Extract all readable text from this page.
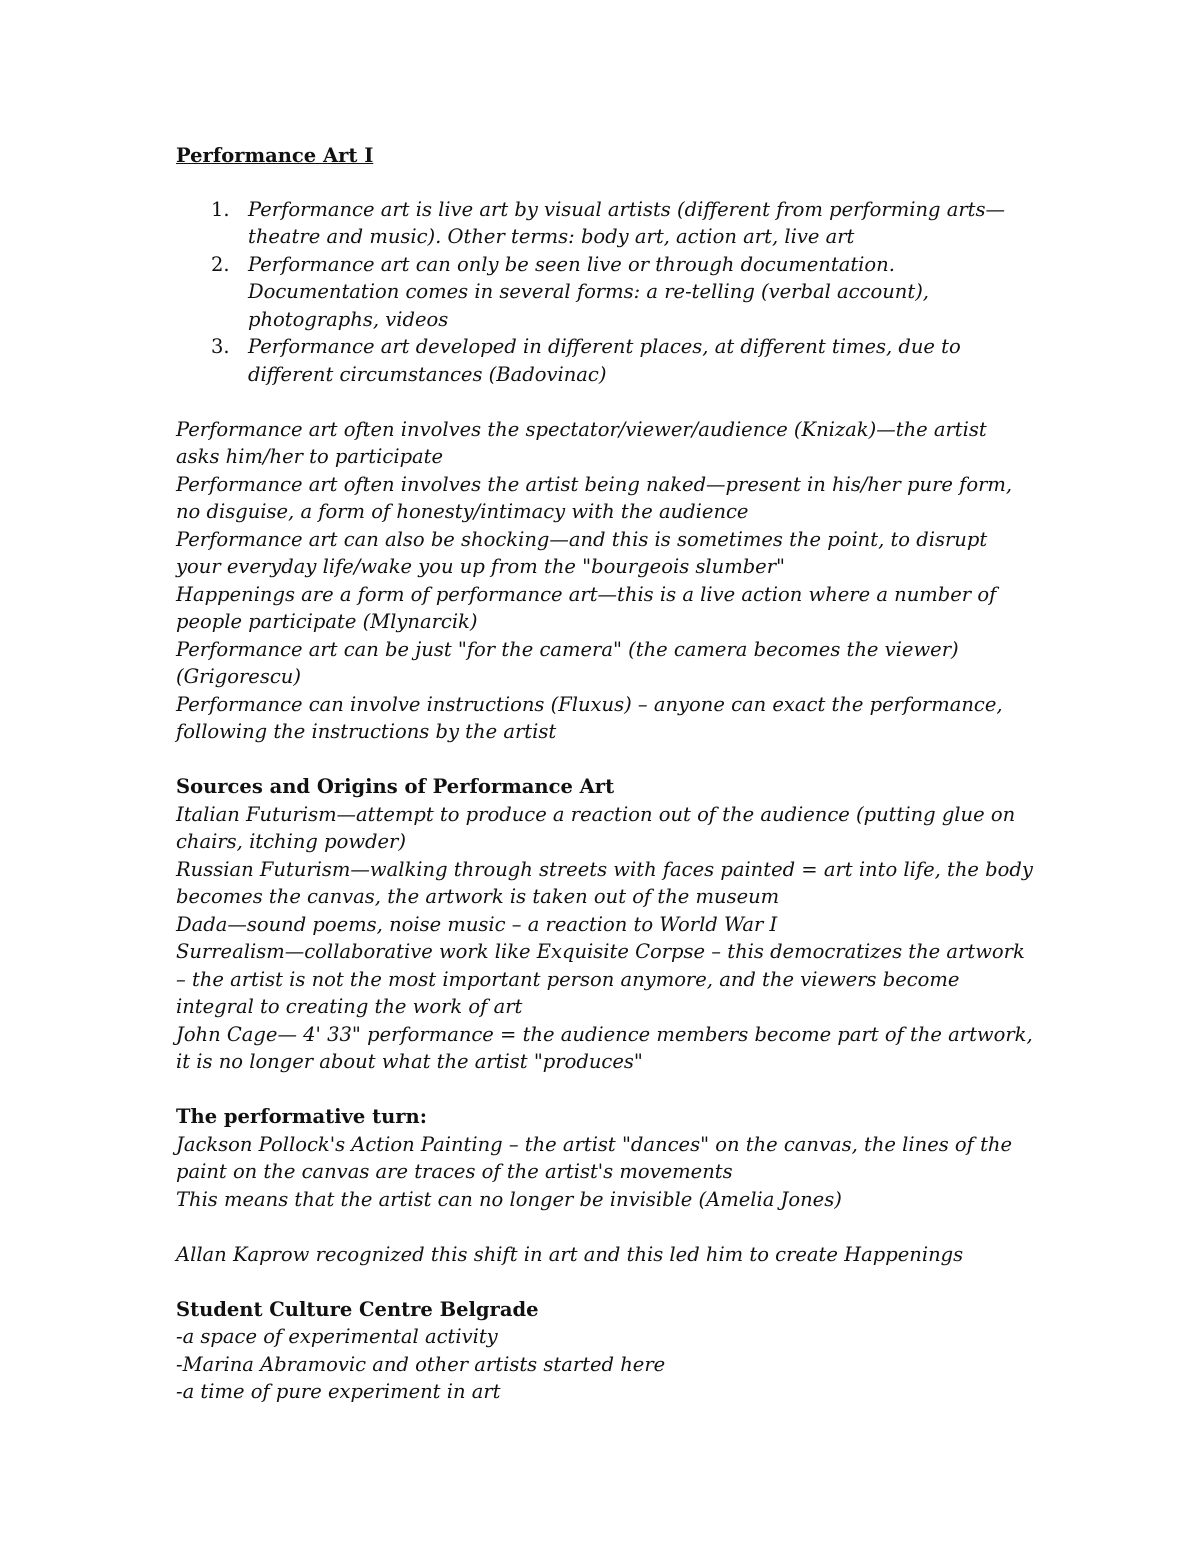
Performance Art I

1. Performance art is live art by visual artists (different from performing arts—theatre and music). Other terms: body art, action art, live art
2. Performance art can only be seen live or through documentation. Documentation comes in several forms: a re-telling (verbal account), photographs, videos
3. Performance art developed in different places, at different times, due to different circumstances (Badovinac)

Performance art often involves the spectator/viewer/audience (Knizak)—the artist asks him/her to participate

Performance art often involves the artist being naked—present in his/her pure form, no disguise, a form of honesty/intimacy with the audience

Performance art can also be shocking—and this is sometimes the point, to disrupt your everyday life/wake you up from the "bourgeois slumber"

Happenings are a form of performance art—this is a live action where a number of people participate (Mlynarcik)

Performance art can be just "for the camera" (the camera becomes the viewer) (Grigorescu)

Performance can involve instructions (Fluxus) – anyone can exact the performance, following the instructions by the artist

Sources and Origins of Performance Art

Italian Futurism—attempt to produce a reaction out of the audience (putting glue on chairs, itching powder)

Russian Futurism—walking through streets with faces painted = art into life, the body becomes the canvas, the artwork is taken out of the museum

Dada—sound poems, noise music – a reaction to World War I

Surrealism—collaborative work like Exquisite Corpse – this democratizes the artwork – the artist is not the most important person anymore, and the viewers become integral to creating the work of art

John Cage— 4' 33" performance = the audience members become part of the artwork, it is no longer about what the artist "produces"

The performative turn:

Jackson Pollock's Action Painting – the artist "dances" on the canvas, the lines of the paint on the canvas are traces of the artist's movements

This means that the artist can no longer be invisible (Amelia Jones)

Allan Kaprow recognized this shift in art and this led him to create Happenings

Student Culture Centre Belgrade

-a space of experimental activity

-Marina Abramovic and other artists started here

-a time of pure experiment in art
